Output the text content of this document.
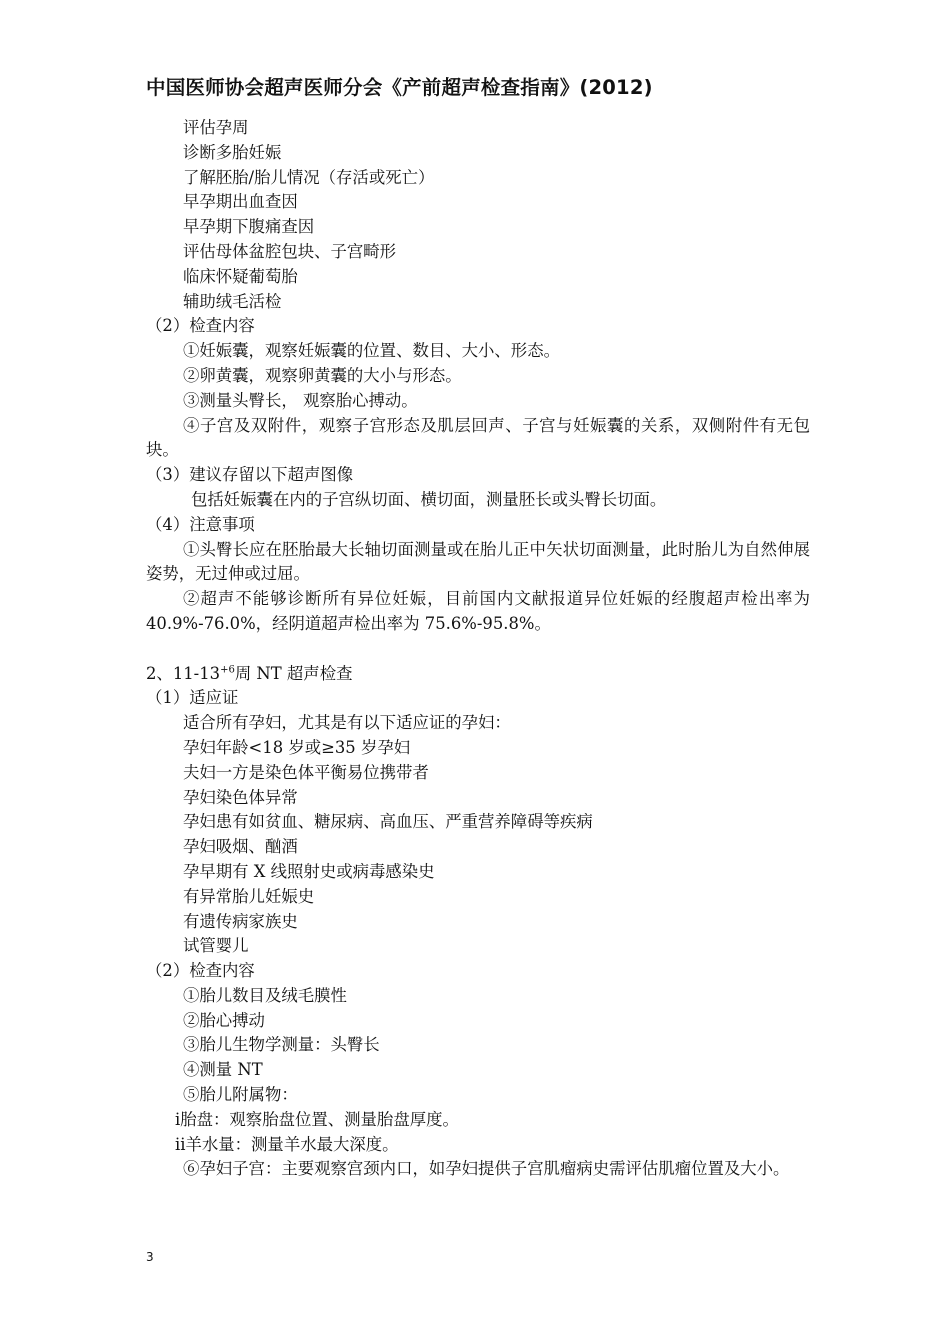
中国医师协会超声医师分会《产前超声检查指南》(2012)
评估孕周
诊断多胎妊娠
了解胚胎/胎儿情况（存活或死亡）
早孕期出血查因
早孕期下腹痛查因
评估母体盆腔包块、子宫畸形
临床怀疑葡萄胎
辅助绒毛活检
（2）检查内容
①妊娠囊，观察妊娠囊的位置、数目、大小、形态。
②卵黄囊，观察卵黄囊的大小与形态。
③测量头臀长， 观察胎心搏动。
④子宫及双附件，观察子宫形态及肌层回声、子宫与妊娠囊的关系，双侧附件有无包块。
（3）建议存留以下超声图像
包括妊娠囊在内的子宫纵切面、横切面，测量胚长或头臀长切面。
（4）注意事项
①头臀长应在胚胎最大长轴切面测量或在胎儿正中矢状切面测量，此时胎儿为自然伸展姿势，无过伸或过屈。
②超声不能够诊断所有异位妊娠，目前国内文献报道异位妊娠的经腹超声检出率为 40.9%-76.0%，经阴道超声检出率为 75.6%-95.8%。
2、$11-13^{+6}$周 NT 超声检查
（1）适应证
适合所有孕妇，尤其是有以下适应证的孕妇：
孕妇年龄<18 岁或≥35 岁孕妇
夫妇一方是染色体平衡易位携带者
孕妇染色体异常
孕妇患有如贫血、糖尿病、高血压、严重营养障碍等疾病
孕妇吸烟、酗酒
孕早期有 X 线照射史或病毒感染史
有异常胎儿妊娠史
有遗传病家族史
试管婴儿
（2）检查内容
①胎儿数目及绒毛膜性
②胎心搏动
③胎儿生物学测量：头臀长
④测量 NT
⑤胎儿附属物：
ⅰ胎盘：观察胎盘位置、测量胎盘厚度。
ⅱ羊水量：测量羊水最大深度。
⑥孕妇子宫：主要观察宫颈内口，如孕妇提供子宫肌瘤病史需评估肌瘤位置及大小。
3
